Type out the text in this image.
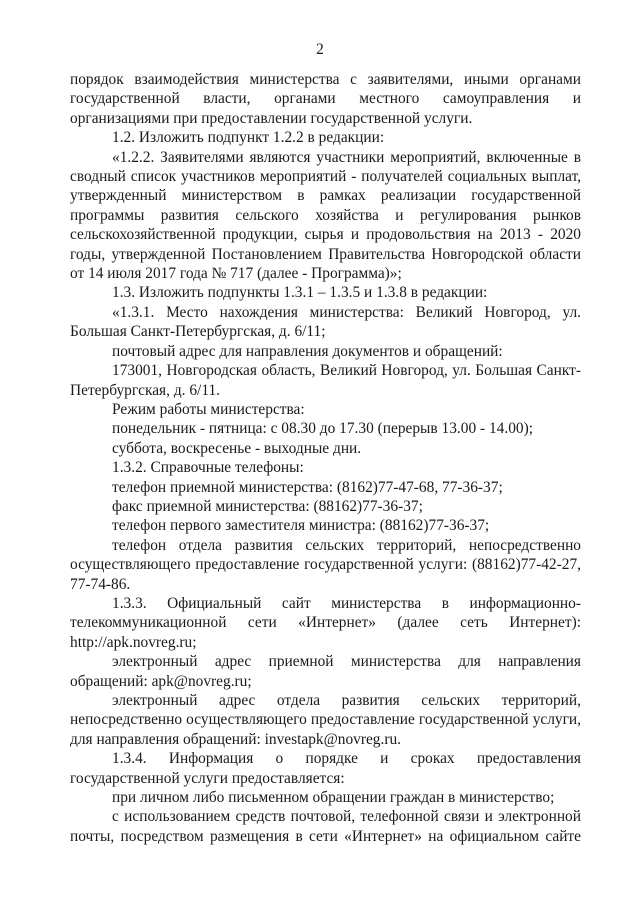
2

порядок взаимодействия министерства с заявителями, иными органами государственной власти, органами местного самоуправления и организациями при предоставлении государственной услуги.

1.2. Изложить подпункт 1.2.2 в редакции:

«1.2.2. Заявителями являются участники мероприятий, включенные в сводный список участников мероприятий - получателей социальных выплат, утвержденный министерством в рамках реализации государственной программы развития сельского хозяйства и регулирования рынков сельскохозяйственной продукции, сырья и продовольствия на 2013 - 2020 годы, утвержденной Постановлением Правительства Новгородской области от 14 июля 2017 года № 717 (далее - Программа)»;

1.3. Изложить подпункты 1.3.1 – 1.3.5 и 1.3.8 в редакции:

«1.3.1. Место нахождения министерства: Великий Новгород, ул. Большая Санкт-Петербургская, д. 6/11;

почтовый адрес для направления документов и обращений:

173001, Новгородская область, Великий Новгород, ул. Большая Санкт-Петербургская, д. 6/11.

Режим работы министерства:

понедельник - пятница: с 08.30 до 17.30 (перерыв 13.00 - 14.00);

суббота, воскресенье - выходные дни.

1.3.2. Справочные телефоны:

телефон приемной министерства: (8162)77-47-68, 77-36-37;

факс приемной министерства: (88162)77-36-37;

телефон первого заместителя министра: (88162)77-36-37;

телефон отдела развития сельских территорий, непосредственно осуществляющего предоставление государственной услуги: (88162)77-42-27, 77-74-86.

1.3.3. Официальный сайт министерства в информационно-телекоммуникационной сети «Интернет» (далее сеть Интернет): http://apk.novreg.ru;

электронный адрес приемной министерства для направления обращений: apk@novreg.ru;

электронный адрес отдела развития сельских территорий, непосредственно осуществляющего предоставление государственной услуги, для направления обращений: investapk@novreg.ru.

1.3.4. Информация о порядке и сроках предоставления государственной услуги предоставляется:

при личном либо письменном обращении граждан в министерство;

с использованием средств почтовой, телефонной связи и электронной почты, посредством размещения в сети «Интернет» на официальном сайте
